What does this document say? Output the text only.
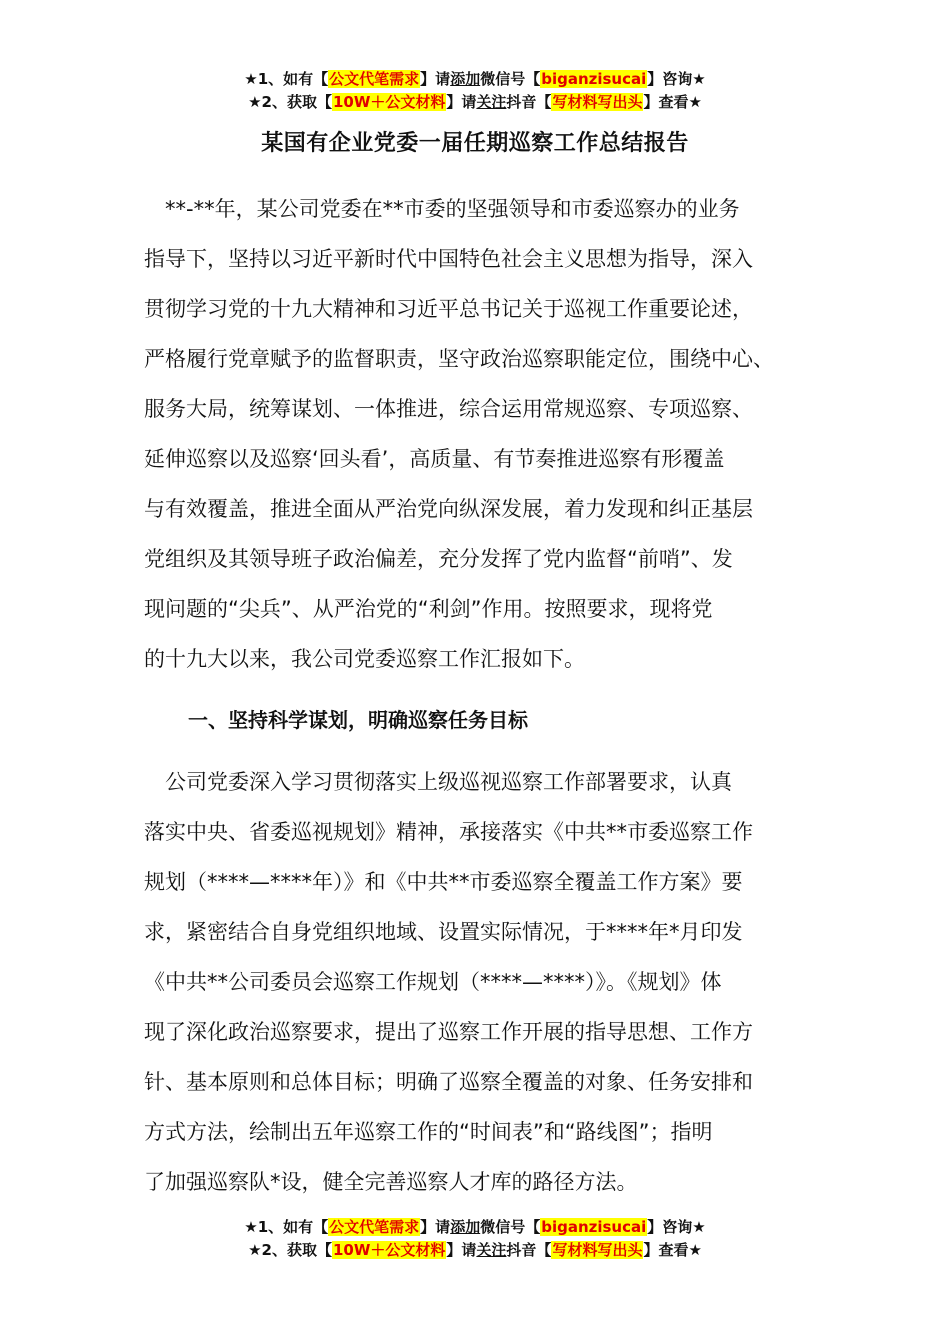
★1、如有【公文代笔需求】请添加微信号【biganzisucai】咨询★
★2、获取【10W＋公文材料】请关注抖音【写材料写出头】查看★
某国有企业党委一届任期巡察工作总结报告
　**-**年，某公司党委在**市委的坚强领导和市委巡察办的业务
指导下，坚持以习近平新时代中国特色社会主义思想为指导，深入
贯彻学习党的十九大精神和习近平总书记关于巡视工作重要论述，
严格履行党章赋予的监督职责，坚守政治巡察职能定位，围绕中心、
服务大局，统筹谋划、一体推进，综合运用常规巡察、专项巡察、
延伸巡察以及巡察‘回头看’，高质量、有节奏推进巡察有形覆盖
与有效覆盖，推进全面从严治党向纵深发展，着力发现和纠正基层
党组织及其领导班子政治偏差，充分发挥了党内监督“前哨”、发
现问题的“尖兵”、从严治党的“利剑”作用。按照要求，现将党
的十九大以来，我公司党委巡察工作汇报如下。
一、坚持科学谋划，明确巡察任务目标
　公司党委深入学习贯彻落实上级巡视巡察工作部署要求，认真
落实中央、省委巡视规划》精神，承接落实《中共**市委巡察工作
规划（****—****年）》和《中共**市委巡察全覆盖工作方案》要
求，紧密结合自身党组织地域、设置实际情况，于****年*月印发
《中共**公司委员会巡察工作规划（****—****）》。《规划》体
现了深化政治巡察要求，提出了巡察工作开展的指导思想、工作方
针、基本原则和总体目标；明确了巡察全覆盖的对象、任务安排和
方式方法，绘制出五年巡察工作的“时间表”和“路线图”；指明
了加强巡察队*设，健全完善巡察人才库的路径方法。
★1、如有【公文代笔需求】请添加微信号【biganzisucai】咨询★
★2、获取【10W＋公文材料】请关注抖音【写材料写出头】查看★
